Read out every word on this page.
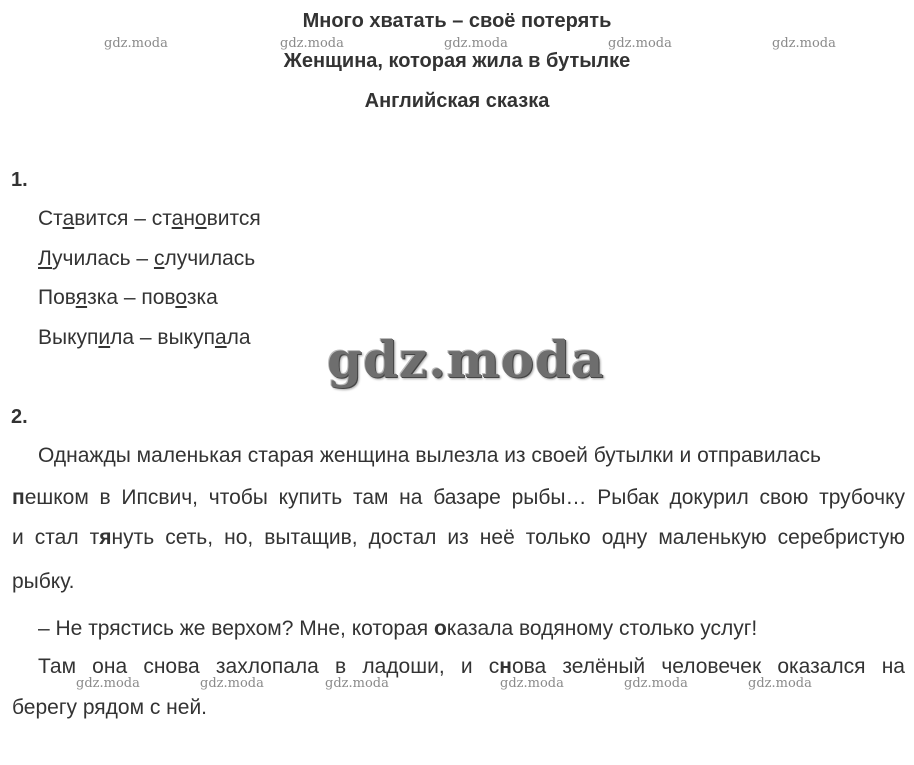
Много хватать – своё потерять
Женщина, которая жила в бутылке
Английская сказка
gdz.moda	gdz.moda	gdz.moda	gdz.moda	gdz.moda
1.
Ставится – становится
Лучилась – случилась
Повязка – повозка
Выкупила – выкупала gdz.moda
2.
Однажды маленькая старая женщина вылезла из своей бутылки и отправилась
пешком в Ипсвич, чтобы купить там на базаре рыбы… Рыбак докурил свою трубочку
и стал тянуть сеть, но, вытащив, достал из неё только одну маленькую серебристую
рыбку.
– Не трястись же верхом? Мне, которая оказала водяному столько услуг!
Там она снова захлопала в ладоши, и снова зелёный человечек оказался на
берегу рядом с ней.
gdz.moda	gdz.moda	gdz.moda	gdz.moda	gdz.moda	gdz.moda
